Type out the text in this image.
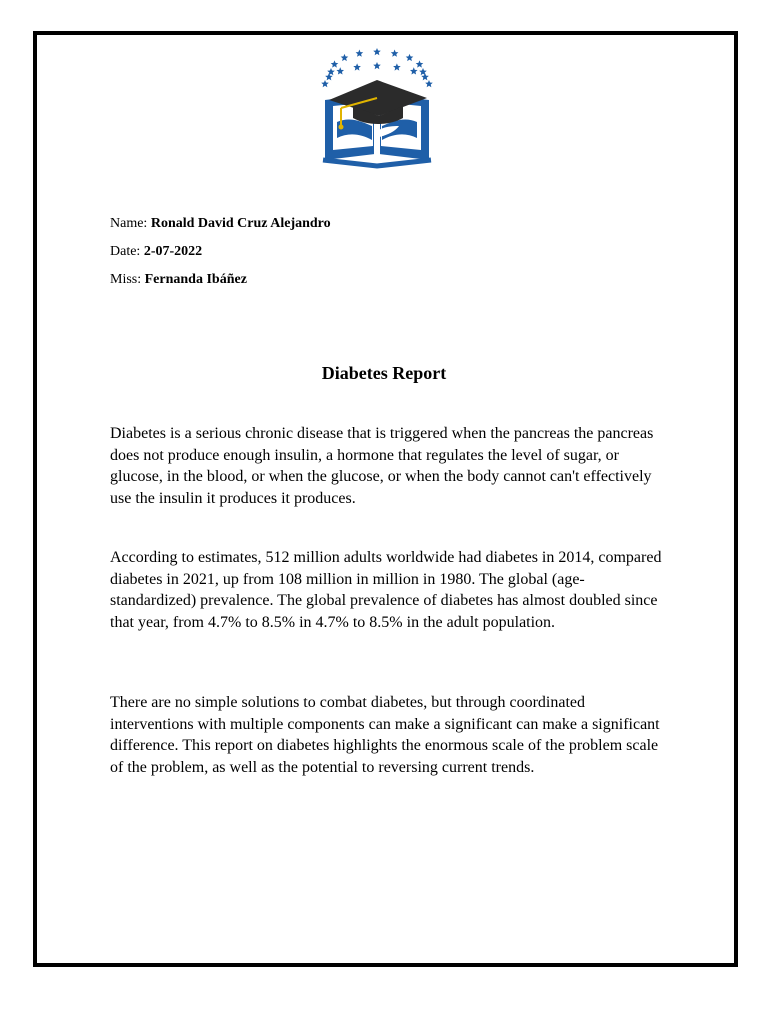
Name: Ronald David Cruz Alejandro
Date: 2-07-2022
Miss: Fernanda Ibáñez
Diabetes Report

Diabetes is a serious chronic disease that is triggered when the pancreas the pancreas does not produce enough insulin, a hormone that regulates the level of sugar, or glucose, in the blood, or when the glucose, or when the body cannot can't effectively use the insulin it produces it produces.

According to estimates, 512 million adults worldwide had diabetes in 2014, compared diabetes in 2021, up from 108 million in million in 1980. The global (age-standardized) prevalence. The global prevalence of diabetes has almost doubled since that year, from 4.7% to 8.5% in 4.7% to 8.5% in the adult population.

There are no simple solutions to combat diabetes, but through coordinated interventions with multiple components can make a significant can make a significant difference. This report on diabetes highlights the enormous scale of the problem scale of the problem, as well as the potential to reversing current trends.
